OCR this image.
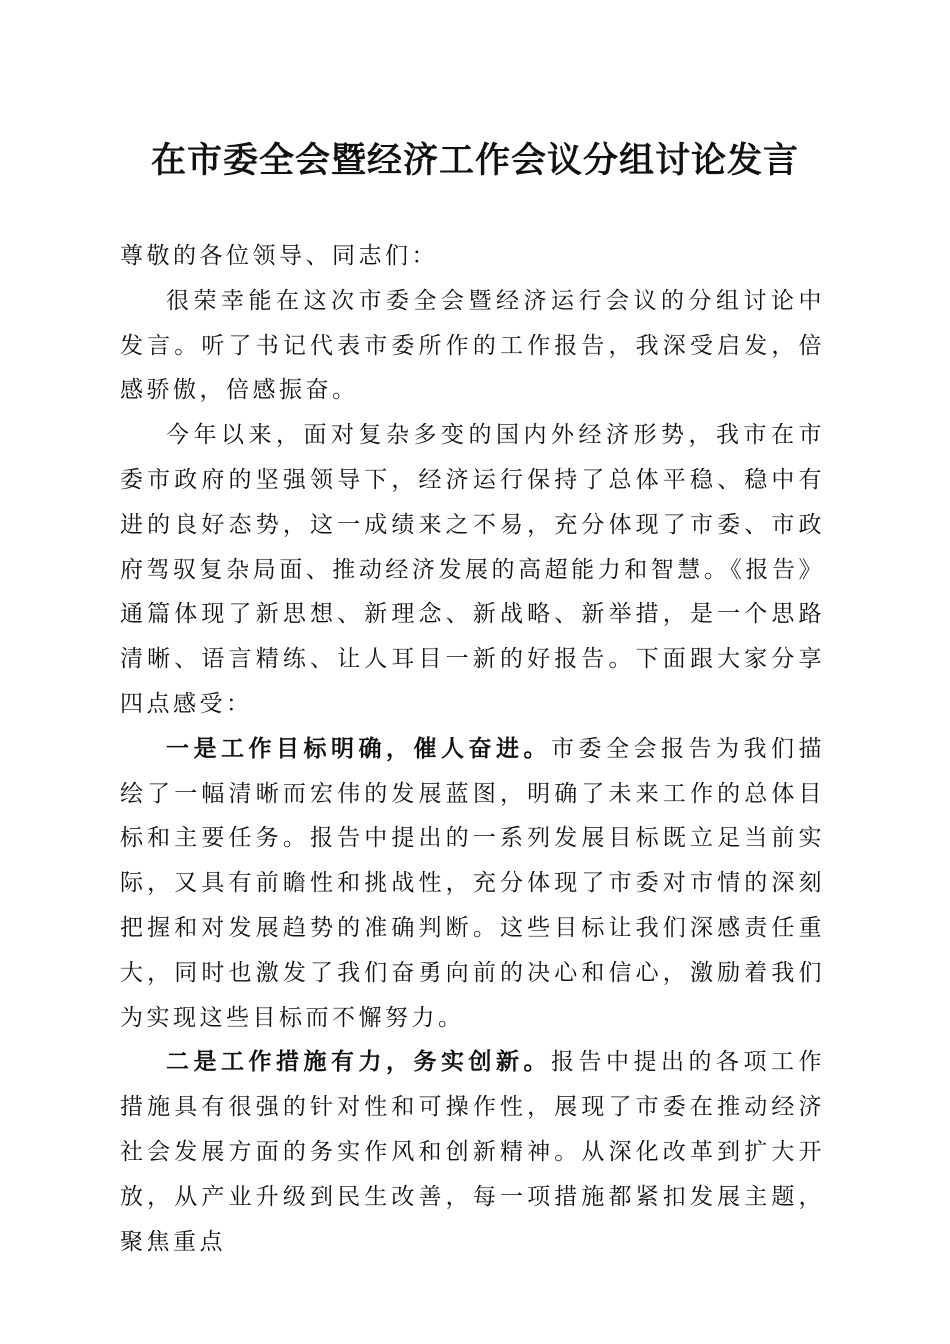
在市委全会暨经济工作会议分组讨论发言

尊敬的各位领导、同志们：

很荣幸能在这次市委全会暨经济运行会议的分组讨论中发言。听了书记代表市委所作的工作报告，我深受启发，倍感骄傲，倍感振奋。

今年以来，面对复杂多变的国内外经济形势，我市在市委市政府的坚强领导下，经济运行保持了总体平稳、稳中有进的良好态势，这一成绩来之不易，充分体现了市委、市政府驾驭复杂局面、推动经济发展的高超能力和智慧。《报告》通篇体现了新思想、新理念、新战略、新举措，是一个思路清晰、语言精练、让人耳目一新的好报告。下面跟大家分享四点感受：

一是工作目标明确，催人奋进。市委全会报告为我们描绘了一幅清晰而宏伟的发展蓝图，明确了未来工作的总体目标和主要任务。报告中提出的一系列发展目标既立足当前实际，又具有前瞻性和挑战性，充分体现了市委对市情的深刻把握和对发展趋势的准确判断。这些目标让我们深感责任重大，同时也激发了我们奋勇向前的决心和信心，激励着我们为实现这些目标而不懈努力。

二是工作措施有力，务实创新。报告中提出的各项工作措施具有很强的针对性和可操作性，展现了市委在推动经济社会发展方面的务实作风和创新精神。从深化改革到扩大开放，从产业升级到民生改善，每一项措施都紧扣发展主题，聚焦重点
